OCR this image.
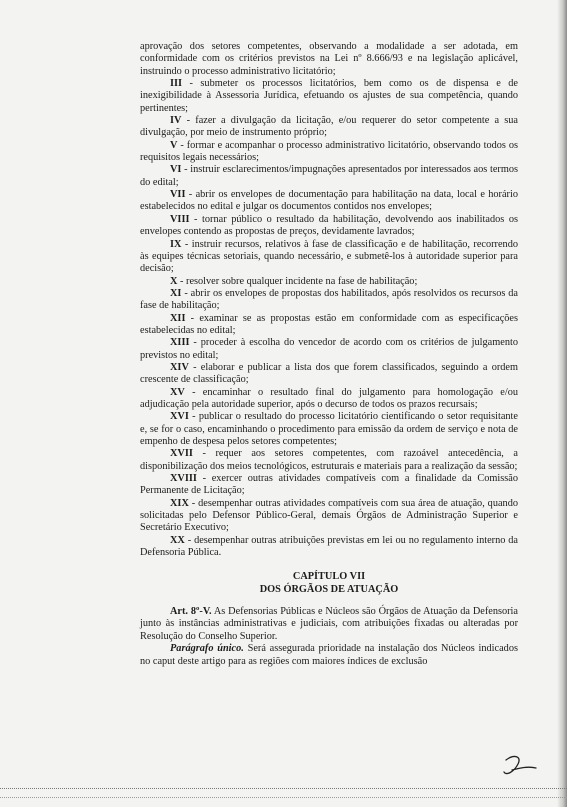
aprovação dos setores competentes, observando a modalidade a ser adotada, em conformidade com os critérios previstos na Lei nº 8.666/93 e na legislação aplicável, instruindo o processo administrativo licitatório;

III - submeter os processos licitatórios, bem como os de dispensa e de inexigibilidade à Assessoria Jurídica, efetuando os ajustes de sua competência, quando pertinentes;

IV - fazer a divulgação da licitação, e/ou requerer do setor competente a sua divulgação, por meio de instrumento próprio;

V - formar e acompanhar o processo administrativo licitatório, observando todos os requisitos legais necessários;

VI - instruir esclarecimentos/impugnações apresentados por interessados aos termos do edital;

VII - abrir os envelopes de documentação para habilitação na data, local e horário estabelecidos no edital e julgar os documentos contidos nos envelopes;

VIII - tornar público o resultado da habilitação, devolvendo aos inabilitados os envelopes contendo as propostas de preços, devidamente lavrados;

IX - instruir recursos, relativos à fase de classificação e de habilitação, recorrendo às equipes técnicas setoriais, quando necessário, e submetê-los à autoridade superior para decisão;

X - resolver sobre qualquer incidente na fase de habilitação;

XI - abrir os envelopes de propostas dos habilitados, após resolvidos os recursos da fase de habilitação;

XII - examinar se as propostas estão em conformidade com as especificações estabelecidas no edital;

XIII - proceder à escolha do vencedor de acordo com os critérios de julgamento previstos no edital;

XIV - elaborar e publicar a lista dos que forem classificados, seguindo a ordem crescente de classificação;

XV - encaminhar o resultado final do julgamento para homologação e/ou adjudicação pela autoridade superior, após o decurso de todos os prazos recursais;

XVI - publicar o resultado do processo licitatório cientificando o setor requisitante e, se for o caso, encaminhando o procedimento para emissão da ordem de serviço e nota de empenho de despesa pelos setores competentes;

XVII - requer aos setores competentes, com razoável antecedência, a disponibilização dos meios tecnológicos, estruturais e materiais para a realização da sessão;

XVIII - exercer outras atividades compatíveis com a finalidade da Comissão Permanente de Licitação;

XIX - desempenhar outras atividades compatíveis com sua área de atuação, quando solicitadas pelo Defensor Público-Geral, demais Órgãos de Administração Superior e Secretário Executivo;

XX - desempenhar outras atribuições previstas em lei ou no regulamento interno da Defensoria Pública.

CAPÍTULO VII

DOS ÓRGÃOS DE ATUAÇÃO

Art. 8º-V. As Defensorias Públicas e Núcleos são Órgãos de Atuação da Defensoria junto às instâncias administrativas e judiciais, com atribuições fixadas ou alteradas por Resolução do Conselho Superior.

Parágrafo único. Será assegurada prioridade na instalação dos Núcleos indicados no caput deste artigo para as regiões com maiores índices de exclusão
